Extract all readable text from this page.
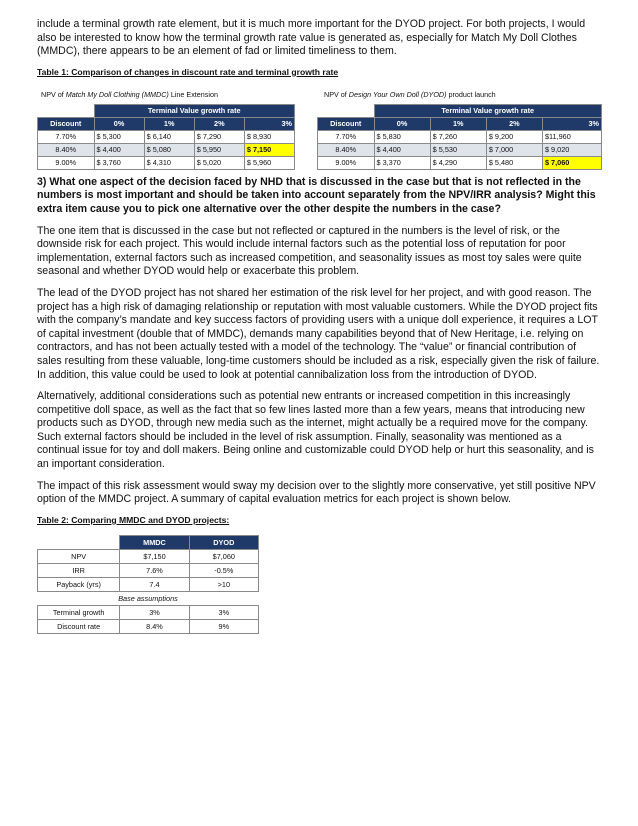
include a terminal growth rate element, but it is much more important for the DYOD project. For both projects, I would also be interested to know how the terminal growth rate value is generated as, especially for Match My Doll Clothes (MMDC), there appears to be an element of fad or limited timeliness to them.

Table 1: Comparison of changes in discount rate and terminal growth rate
NPV of Match My Doll Clothing (MMDC) Line Extension	NPV of Design Your Own Doll (DYOD) product launch
	Terminal Value growth rate			
Discount	0%	1%	2%	3%
7.70%	$ 5,300	$ 6,140	$ 7,290	$ 8,930
8.40%	$ 4,400	$ 5,080	$ 5,950	$ 7,150
9.00%	$ 3,760	$ 4,310	$ 5,020	$ 5,960
	Terminal Value growth rate			
Discount	0%	1%	2%	3%
7.70%	$ 5,830	$ 7,260	$ 9,200	$11,960
8.40%	$ 4,400	$ 5,530	$ 7,000	$ 9,020
9.00%	$ 3,370	$ 4,290	$ 5,480	$ 7,060

3) What one aspect of the decision faced by NHD that is discussed in the case but that is not reflected in the numbers is most important and should be taken into account separately from the NPV/IRR analysis? Might this extra item cause you to pick one alternative over the other despite the numbers in the case?

The one item that is discussed in the case but not reflected or captured in the numbers is the level of risk, or the downside risk for each project. This would include internal factors such as the potential loss of reputation for poor implementation, external factors such as increased competition, and seasonality issues as most toy sales were quite seasonal and whether DYOD would help or exacerbate this problem.

The lead of the DYOD project has not shared her estimation of the risk level for her project, and with good reason. The project has a high risk of damaging relationship or reputation with most valuable customers. While the DYOD project fits with the company’s mandate and key success factors of providing users with a unique doll experience, it requires a LOT of capital investment (double that of MMDC), demands many capabilities beyond that of New Heritage, i.e. relying on contractors, and has not been actually tested with a model of the technology. The “value” or financial contribution of sales resulting from these valuable, long-time customers should be included as a risk, especially given the risk of failure. In addition, this value could be used to look at potential cannibalization loss from the introduction of DYOD.

Alternatively, additional considerations such as potential new entrants or increased competition in this increasingly competitive doll space, as well as the fact that so few lines lasted more than a few years, means that introducing new products such as DYOD, through new media such as the internet, might actually be a required move for the company. Such external factors should be included in the level of risk assumption. Finally, seasonality was mentioned as a continual issue for toy and doll makers. Being online and customizable could DYOD help or hurt this seasonality, and is an important consideration.

The impact of this risk assessment would sway my decision over to the slightly more conservative, yet still positive NPV option of the MMDC project. A summary of capital evaluation metrics for each project is shown below.

Table 2: Comparing MMDC and DYOD projects:
	MMDC	DYOD
NPV	$7,150	$7,060
IRR	7.6%	-0.5%
Payback (yrs)	7.4	>10
Base assumptions		
Terminal growth	3%	3%
Discount rate	8.4%	9%
